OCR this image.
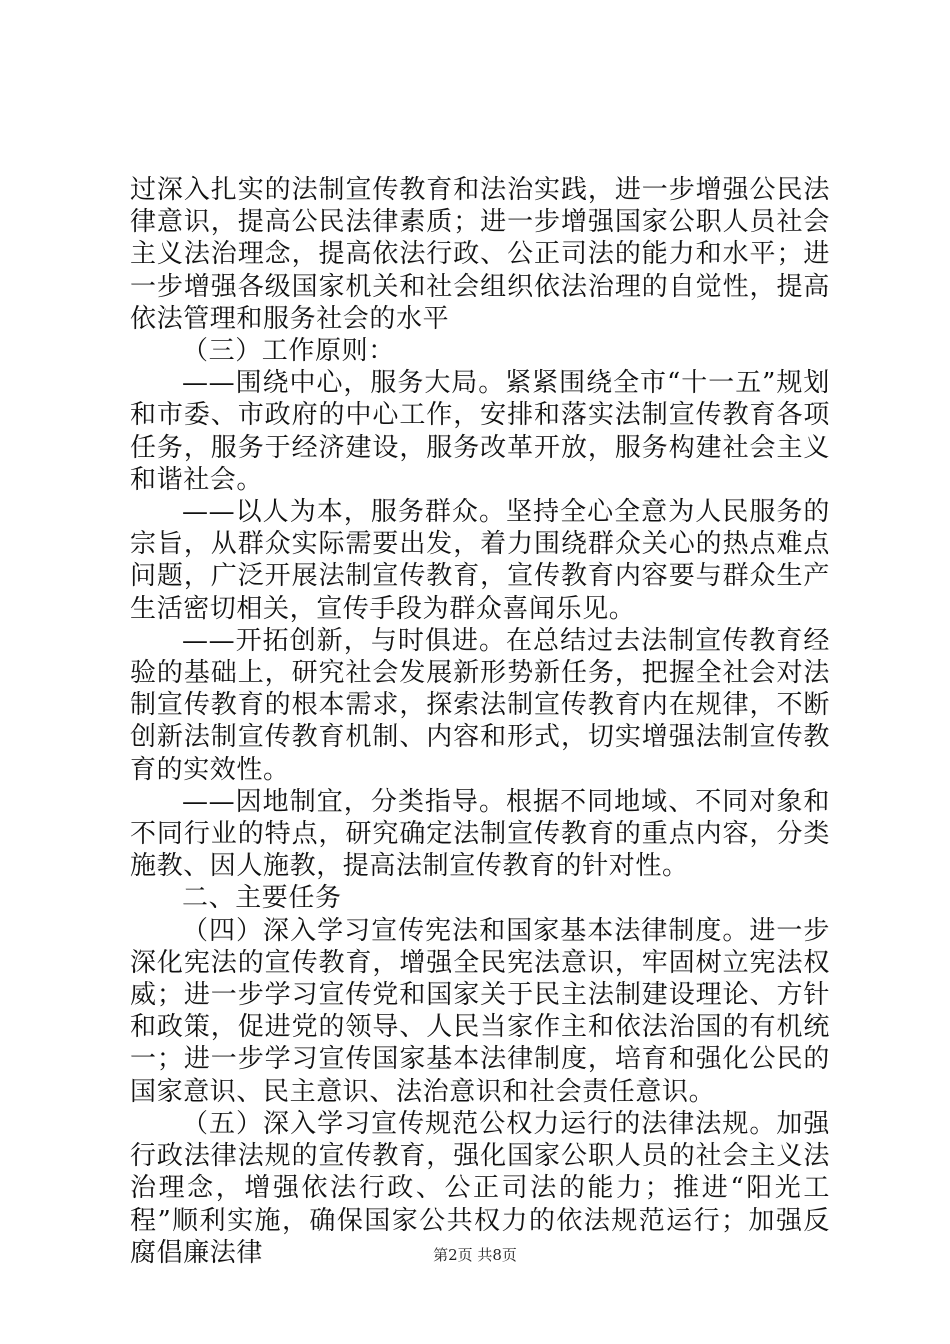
过深入扎实的法制宣传教育和法治实践，进一步增强公民法律意识，提高公民法律素质；进一步增强国家公职人员社会主义法治理念，提高依法行政、公正司法的能力和水平；进一步增强各级国家机关和社会组织依法治理的自觉性，提高依法管理和服务社会的水平

（三）工作原则：

——围绕中心，服务大局。紧紧围绕全市“十一五”规划和市委、市政府的中心工作，安排和落实法制宣传教育各项任务，服务于经济建设，服务改革开放，服务构建社会主义和谐社会。

——以人为本，服务群众。坚持全心全意为人民服务的宗旨，从群众实际需要出发，着力围绕群众关心的热点难点问题，广泛开展法制宣传教育，宣传教育内容要与群众生产生活密切相关，宣传手段为群众喜闻乐见。

——开拓创新，与时俱进。在总结过去法制宣传教育经验的基础上，研究社会发展新形势新任务，把握全社会对法制宣传教育的根本需求，探索法制宣传教育内在规律，不断创新法制宣传教育机制、内容和形式，切实增强法制宣传教育的实效性。

——因地制宜，分类指导。根据不同地域、不同对象和不同行业的特点，研究确定法制宣传教育的重点内容，分类施教、因人施教，提高法制宣传教育的针对性。

二、主要任务

（四）深入学习宣传宪法和国家基本法律制度。进一步深化宪法的宣传教育，增强全民宪法意识，牢固树立宪法权威；进一步学习宣传党和国家关于民主法制建设理论、方针和政策，促进党的领导、人民当家作主和依法治国的有机统一；进一步学习宣传国家基本法律制度，培育和强化公民的国家意识、民主意识、法治意识和社会责任意识。

（五）深入学习宣传规范公权力运行的法律法规。加强行政法律法规的宣传教育，强化国家公职人员的社会主义法治理念，增强依法行政、公正司法的能力；推进“阳光工程”顺利实施，确保国家公共权力的依法规范运行；加强反腐倡廉法律	第2页 共8页
